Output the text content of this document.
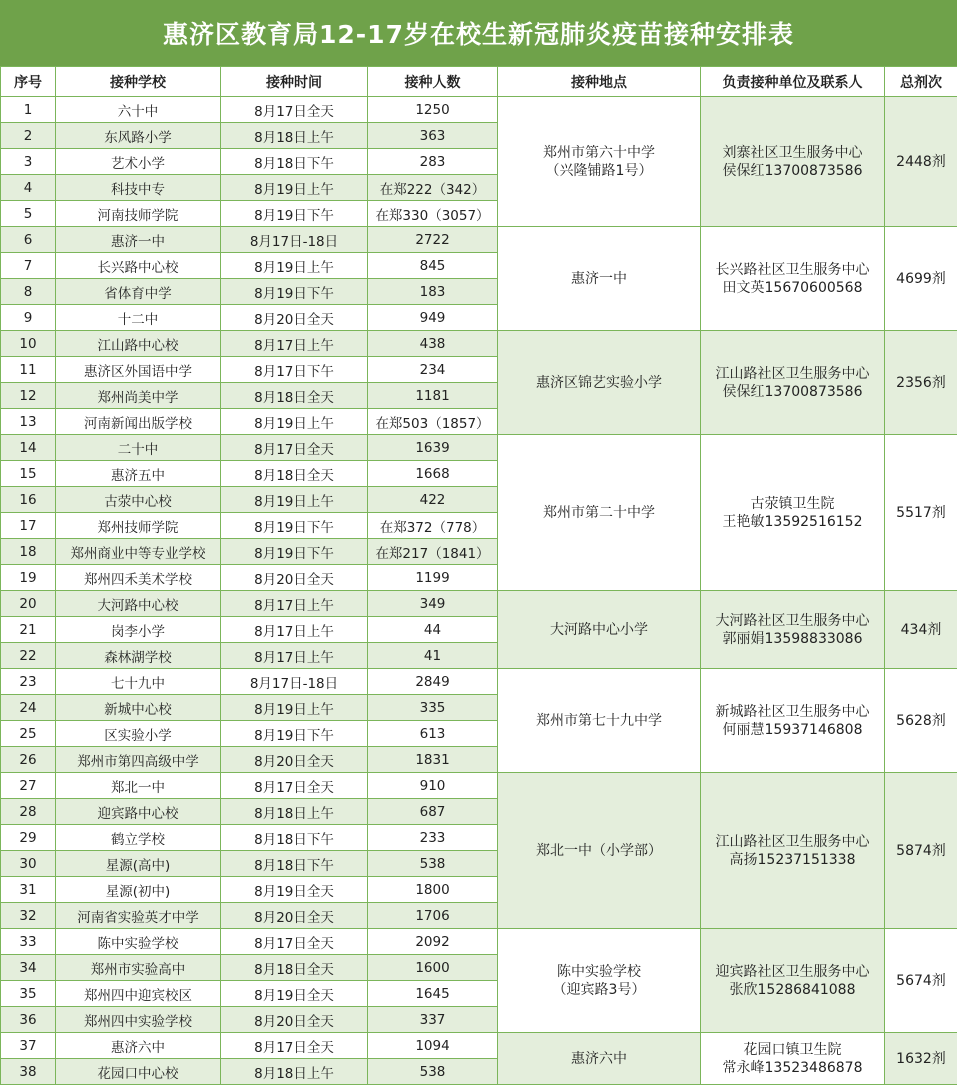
惠济区教育局12-17岁在校生新冠肺炎疫苗接种安排表
序号	接种学校	接种时间	接种人数	接种地点	负责接种单位及联系人	总剂次
1	六十中	8月17日全天	1250	郑州市第六十中学
（兴隆铺路1号）	刘寨社区卫生服务中心
侯保红13700873586	2448剂
2	东风路小学	8月18日上午	363			
3	艺术小学	8月18日下午	283			
4	科技中专	8月19日上午	在郑222（342）			
5	河南技师学院	8月19日下午	在郑330（3057）			
6	惠济一中	8月17日-18日	2722	惠济一中	长兴路社区卫生服务中心
田文英15670600568	4699剂
7	长兴路中心校	8月19日上午	845			
8	省体育中学	8月19日下午	183			
9	十二中	8月20日全天	949			
10	江山路中心校	8月17日上午	438	惠济区锦艺实验小学	江山路社区卫生服务中心
侯保红13700873586	2356剂
11	惠济区外国语中学	8月17日下午	234			
12	郑州尚美中学	8月18日全天	1181			
13	河南新闻出版学校	8月19日上午	在郑503（1857）			
14	二十中	8月17日全天	1639	郑州市第二十中学	古荥镇卫生院
王艳敏13592516152	5517剂
15	惠济五中	8月18日全天	1668			
16	古荥中心校	8月19日上午	422			
17	郑州技师学院	8月19日下午	在郑372（778）			
18	郑州商业中等专业学校	8月19日下午	在郑217（1841）			
19	郑州四禾美术学校	8月20日全天	1199			
20	大河路中心校	8月17日上午	349	大河路中心小学	大河路社区卫生服务中心
郭丽娟13598833086	434剂
21	岗李小学	8月17日上午	44			
22	森林湖学校	8月17日上午	41			
23	七十九中	8月17日-18日	2849	郑州市第七十九中学	新城路社区卫生服务中心
何丽慧15937146808	5628剂
24	新城中心校	8月19日上午	335			
25	区实验小学	8月19日下午	613			
26	郑州市第四高级中学	8月20日全天	1831			
27	郑北一中	8月17日全天	910	郑北一中（小学部）	江山路社区卫生服务中心
高扬15237151338	5874剂
28	迎宾路中心校	8月18日上午	687			
29	鹤立学校	8月18日下午	233			
30	星源(高中)	8月18日下午	538			
31	星源(初中)	8月19日全天	1800			
32	河南省实验英才中学	8月20日全天	1706			
33	陈中实验学校	8月17日全天	2092	陈中实验学校
（迎宾路3号）	迎宾路社区卫生服务中心
张欣15286841088	5674剂
34	郑州市实验高中	8月18日全天	1600			
35	郑州四中迎宾校区	8月19日全天	1645			
36	郑州四中实验学校	8月20日全天	337			
37	惠济六中	8月17日全天	1094	惠济六中	花园口镇卫生院
常永峰13523486878	1632剂
38	花园口中心校	8月18日上午	538			
